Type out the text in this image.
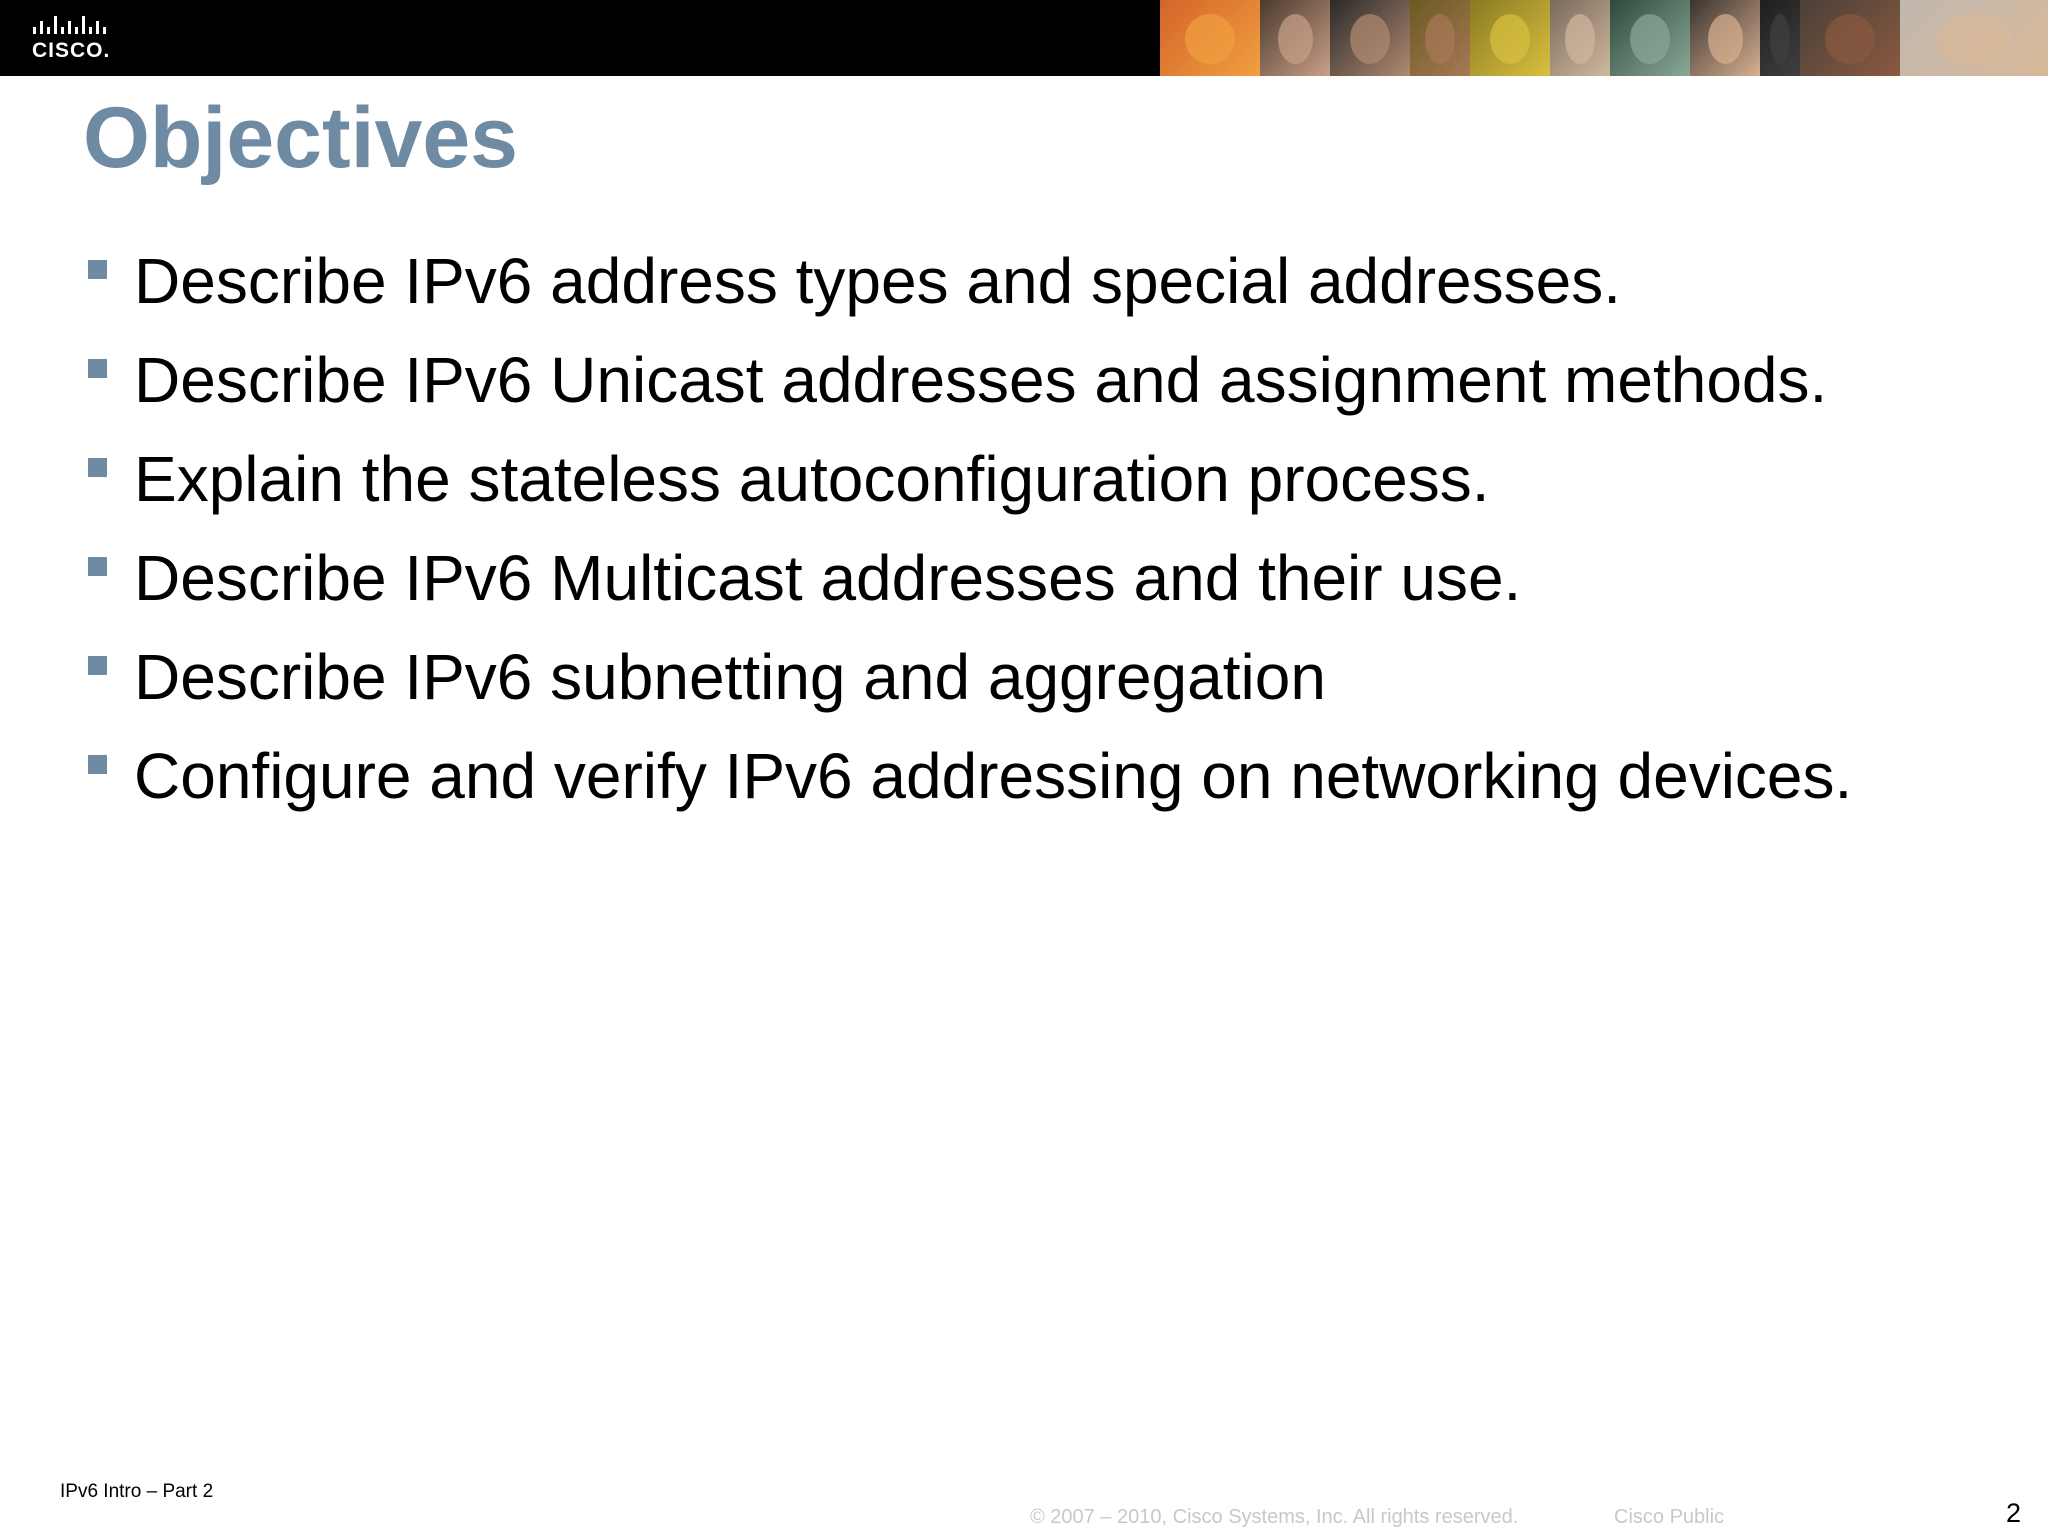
CISCO.
Objectives
Describe IPv6 address types and special addresses.
Describe IPv6 Unicast addresses and assignment methods.
Explain the stateless autoconfiguration process.
Describe IPv6 Multicast addresses and their use.
Describe IPv6 subnetting and aggregation
Configure and verify IPv6 addressing on networking devices.
IPv6 Intro – Part 2
© 2007 – 2010, Cisco Systems, Inc. All rights reserved.	Cisco Public	2
